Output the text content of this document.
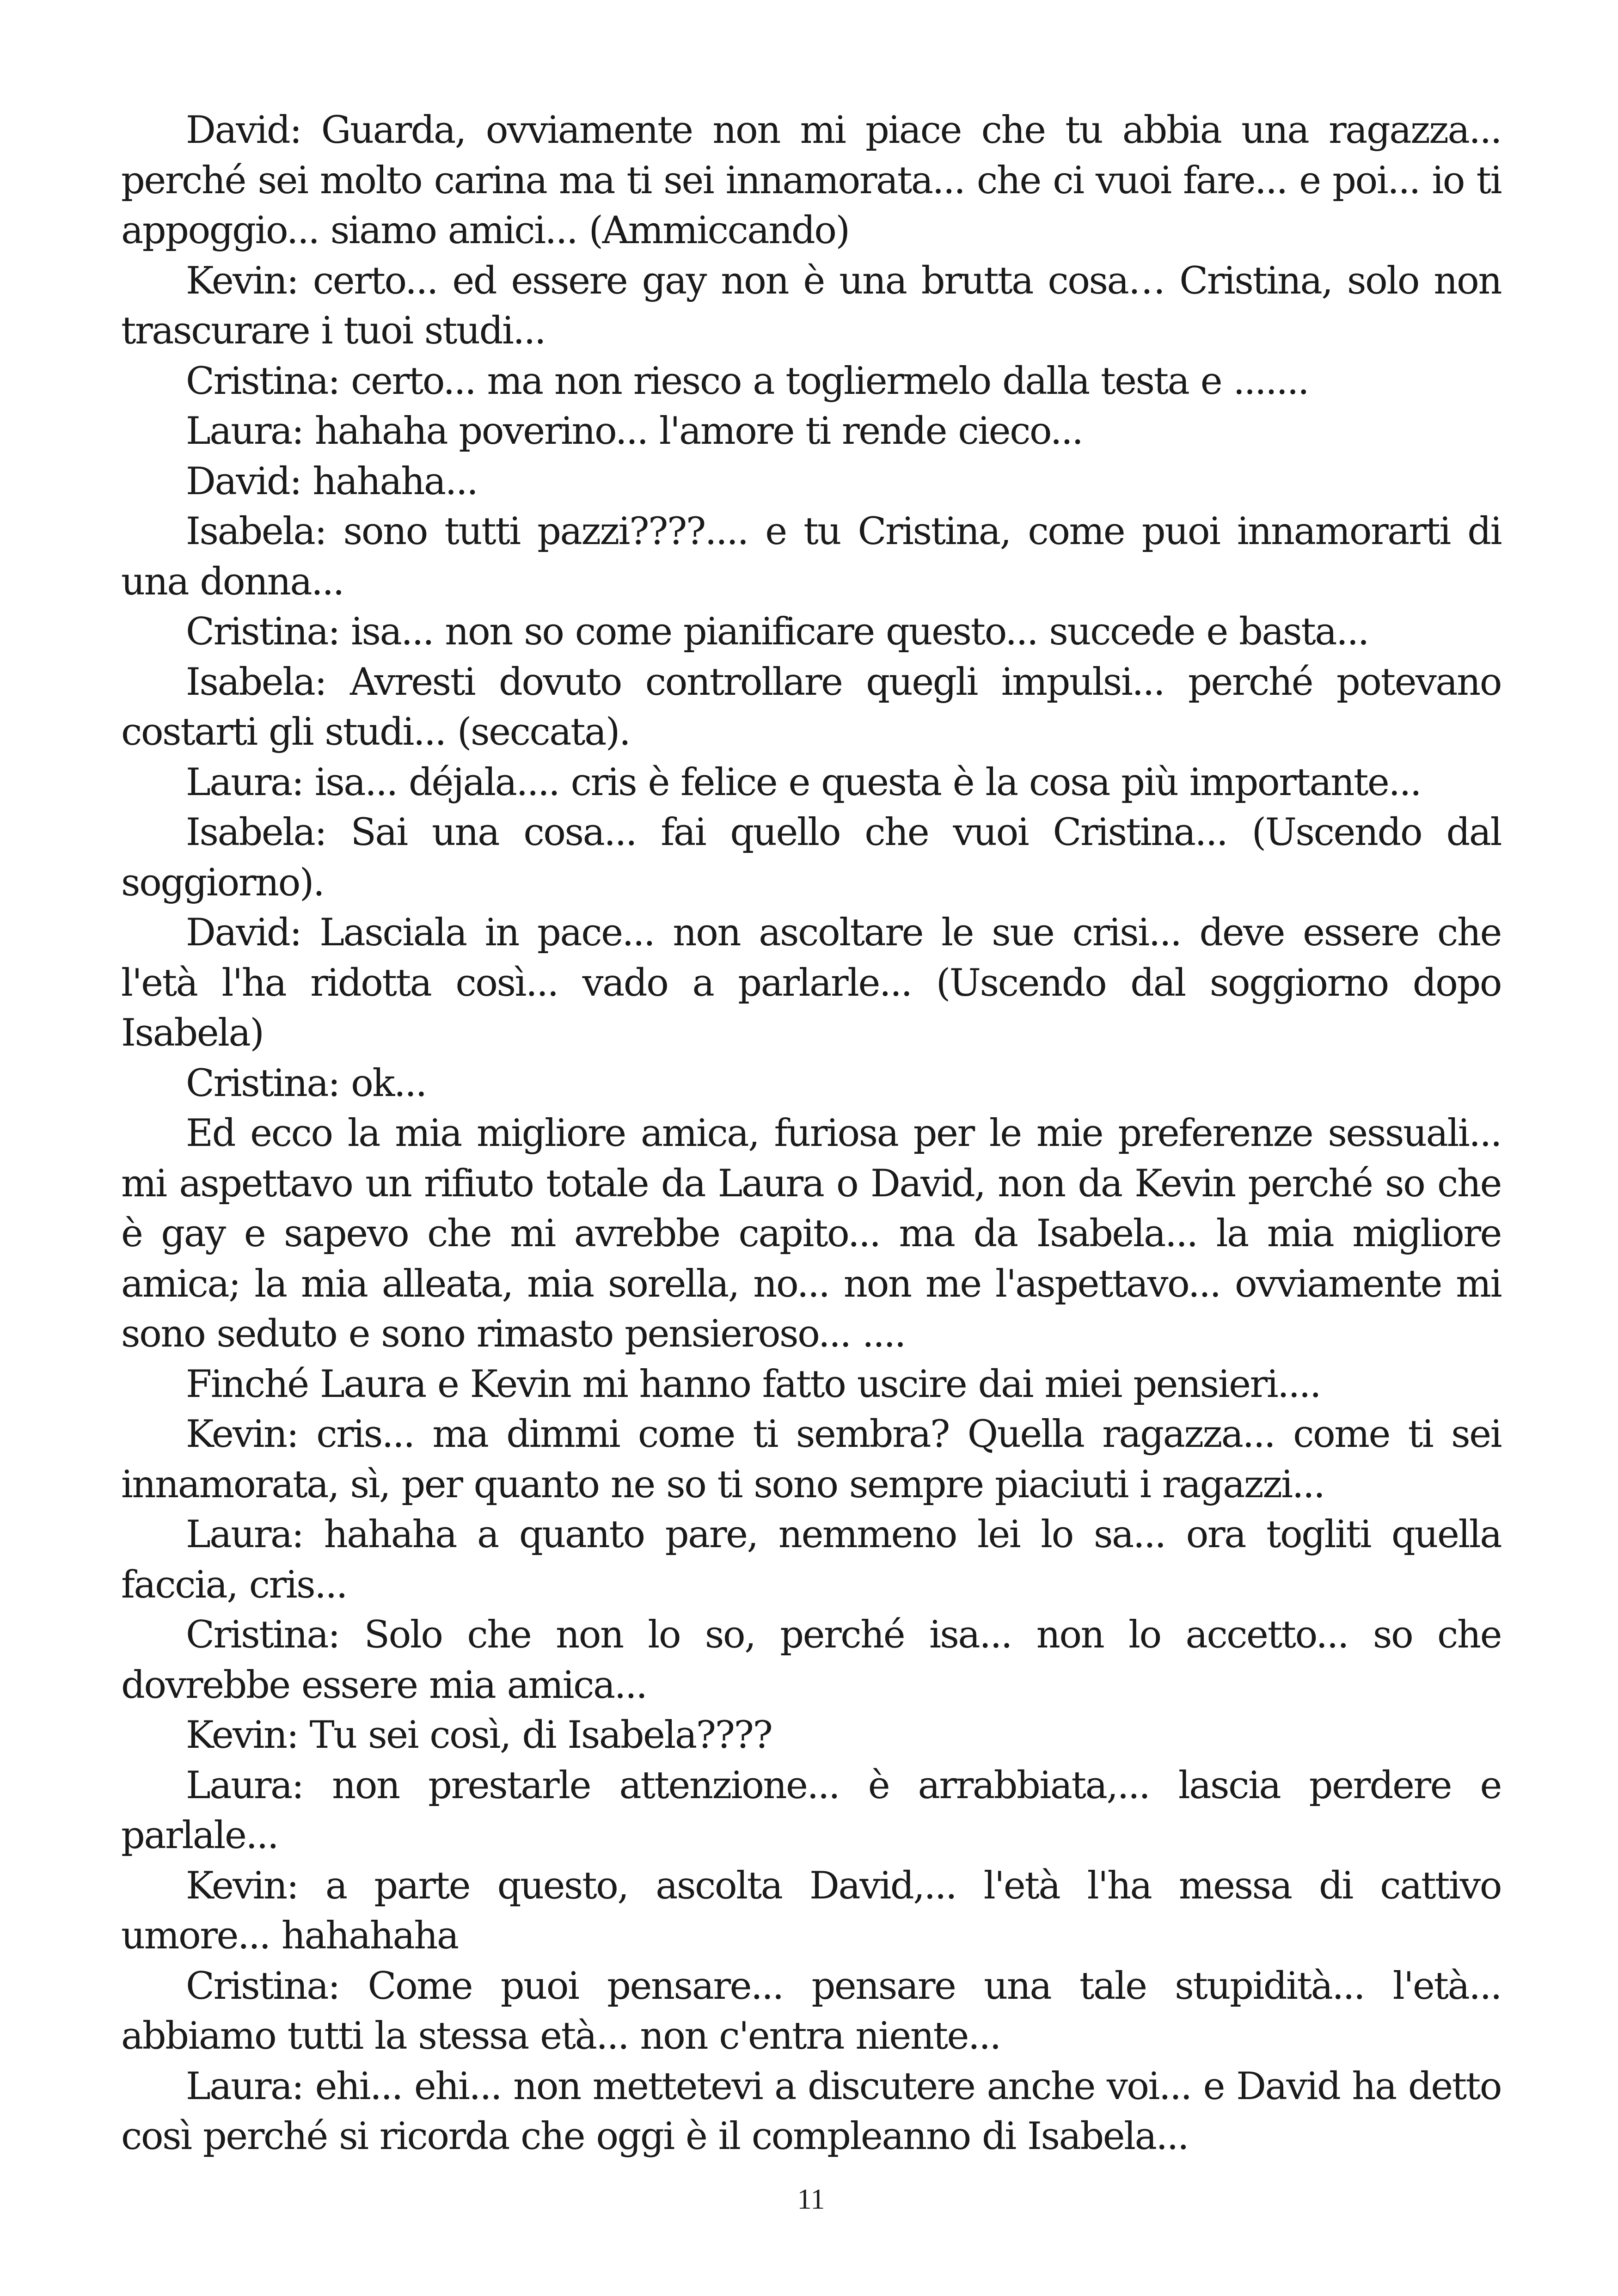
David: Guarda, ovviamente non mi piace che tu abbia una ragazza... perché sei molto carina ma ti sei innamorata... che ci vuoi fare... e poi... io ti appoggio... siamo amici... (Ammiccando)

Kevin: certo... ed essere gay non è una brutta cosa… Cristina, solo non trascurare i tuoi studi...

Cristina: certo... ma non riesco a togliermelo dalla testa e .......

Laura: hahaha poverino... l'amore ti rende cieco...

David: hahaha...

Isabela: sono tutti pazzi????.... e tu Cristina, come puoi innamorarti di una donna...

Cristina: isa... non so come pianificare questo... succede e basta...

Isabela: Avresti dovuto controllare quegli impulsi... perché potevano costarti gli studi... (seccata).

Laura: isa... déjala.... cris è felice e questa è la cosa più importante...

Isabela: Sai una cosa... fai quello che vuoi Cristina... (Uscendo dal soggiorno).

David: Lasciala in pace... non ascoltare le sue crisi... deve essere che l'età l'ha ridotta così... vado a parlarle... (Uscendo dal soggiorno dopo Isabela)

Cristina: ok...

Ed ecco la mia migliore amica, furiosa per le mie preferenze sessuali... mi aspettavo un rifiuto totale da Laura o David, non da Kevin perché so che è gay e sapevo che mi avrebbe capito... ma da Isabela... la mia migliore amica; la mia alleata, mia sorella, no... non me l'aspettavo... ovviamente mi sono seduto e sono rimasto pensieroso... ....

Finché Laura e Kevin mi hanno fatto uscire dai miei pensieri....

Kevin: cris... ma dimmi come ti sembra? Quella ragazza... come ti sei innamorata, sì, per quanto ne so ti sono sempre piaciuti i ragazzi...

Laura: hahaha a quanto pare, nemmeno lei lo sa... ora togliti quella faccia, cris...

Cristina: Solo che non lo so, perché isa... non lo accetto... so che dovrebbe essere mia amica...

Kevin: Tu sei così, di Isabela????

Laura: non prestarle attenzione... è arrabbiata,... lascia perdere e parlale...

Kevin: a parte questo, ascolta David,... l'età l'ha messa di cattivo umore... hahahaha

Cristina: Come puoi pensare... pensare una tale stupidità... l'età... abbiamo tutti la stessa età... non c'entra niente...

Laura: ehi... ehi... non mettetevi a discutere anche voi... e David ha detto così perché si ricorda che oggi è il compleanno di Isabela...

11
